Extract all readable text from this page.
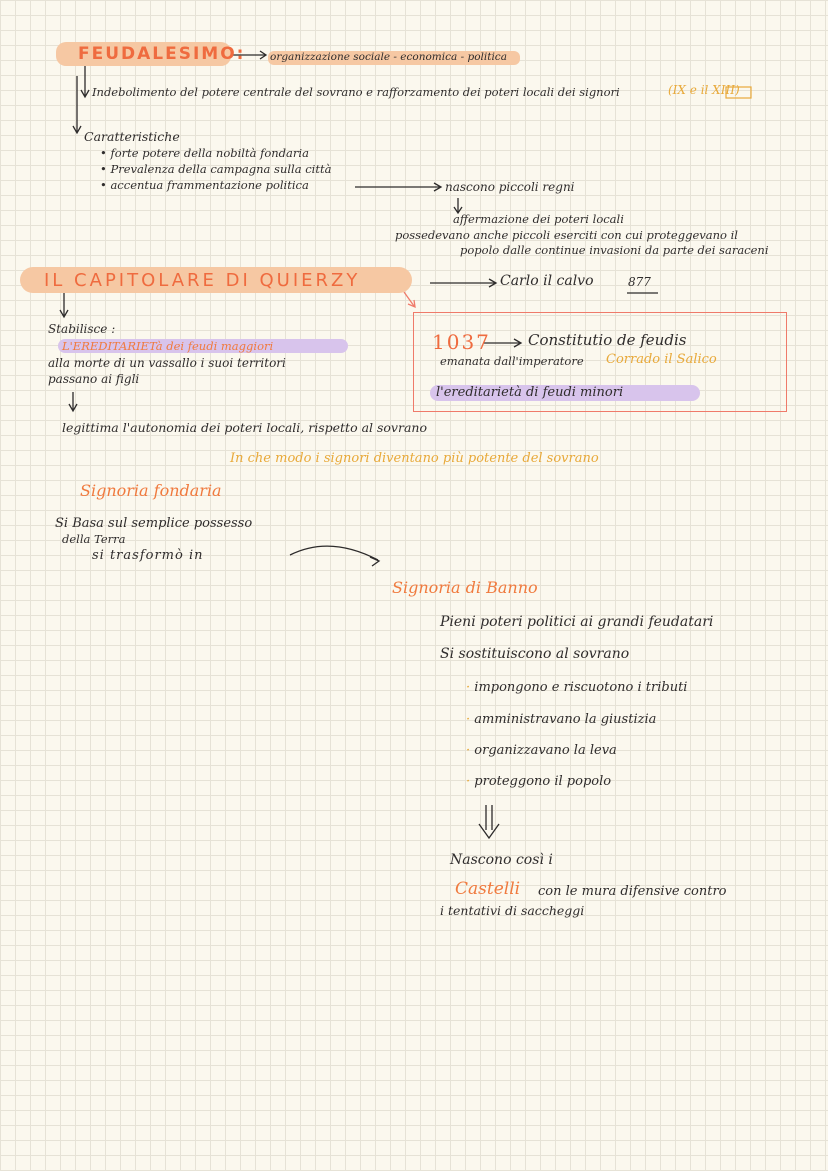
FEUDALESIMO: organizzazione sociale - economica - politica
Indebolimento del potere centrale del sovrano e rafforzamento dei poteri locali dei signori	(IX e il XIII)
Caratteristiche
• forte potere della nobiltà fondaria
• Prevalenza della campagna sulla città
• accentua frammentazione politica	nascono piccoli regni
affermazione dei poteri locali
possedevano anche piccoli eserciti con cui proteggevano il
popolo dalle continue invasioni da parte dei saraceni
IL CAPITOLARE DI QUIERZY	Carlo il calvo	877
Stabilisce :
L'EREDITARIETà dei feudi maggiori
alla morte di un vassallo i suoi territori
passano ai figli
legittima l'autonomia dei poteri locali, rispetto al sovrano
In che modo i signori diventano più potente del sovrano
1037 Constitutio de feudis
emanata dall'imperatore Corrado il Salico
l'ereditarietà di feudi minori
Signoria fondaria
Si Basa sul semplice possesso
della Terra
si trasformò in
Signoria di Banno
Pieni poteri politici ai grandi feudatari
Si sostituiscono al sovrano
· impongono e riscuotono i tributi
· amministravano la giustizia
· organizzavano la leva
· proteggono il popolo
Nascono così i
Castelli con le mura difensive contro
i tentativi di saccheggi
